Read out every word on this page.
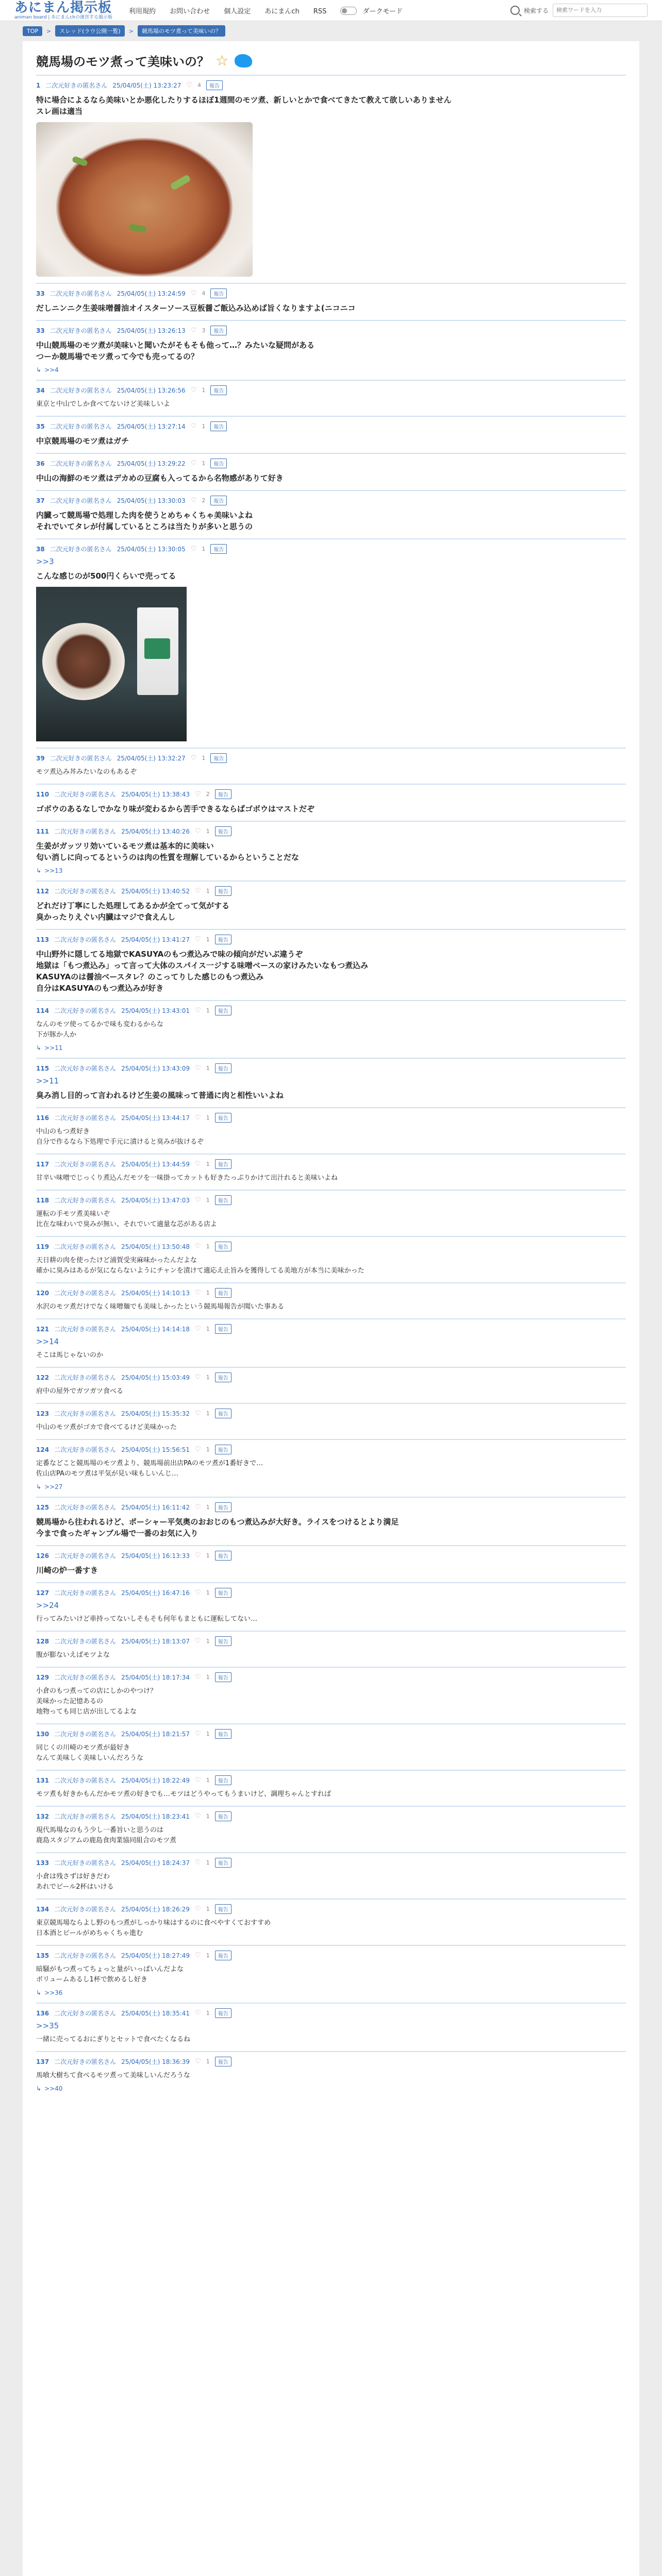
あにまん掲示板
animan board | あにまんchの運営する掲示板
利用規約 お問い合わせ 個人設定 あにまんch RSS	ダークモード	検索する
検索ワードを入力
TOP	>	スレッド(ラウ公開一覧)	>	競馬場のモツ煮って美味いの？
競馬場のモツ煮って美味いの？ ☆
1 二次元好きの匿名さん 25/04/05(土) 13:23:27 ♡ 4	報告
特に場合によるなら美味いとか悪化したりするほぼ1週間のモツ煮、新しいとかで食べてきたて教えて欲しいありません
スレ画は適当
33 二次元好きの匿名さん 25/04/05(土) 13:24:59 ♡ 4	報告
だしニンニク生姜味噌醤油オイスターソース豆板醤ご飯込み込めば旨くなりますよ(ニコニコ
33 二次元好きの匿名さん 25/04/05(土) 13:26:13 ♡ 3	報告
中山競馬場のモツ煮が美味いと聞いたがそもそも他って…？みたいな疑問がある
つーか競馬場でモツ煮って今でも売ってるの？
↳ >>4
34 二次元好きの匿名さん 25/04/05(土) 13:26:56 ♡ 1	報告
東京と中山でしか食べてないけど美味しいよ
35 二次元好きの匿名さん 25/04/05(土) 13:27:14 ♡ 1	報告
中京競馬場のモツ煮はガチ
36 二次元好きの匿名さん 25/04/05(土) 13:29:22 ♡ 1	報告
中山の海鮮のモツ煮はデカめの豆腐も入ってるから名物感がありて好き
37 二次元好きの匿名さん 25/04/05(土) 13:30:03 ♡ 2	報告
内臓って競馬場で処理した肉を使うとめちゃくちゃ美味いよね
それでいてタレが付属しているところは当たりが多いと思うの
38 二次元好きの匿名さん 25/04/05(土) 13:30:05 ♡ 1	報告
>>3
こんな感じのが500円くらいで売ってる
39 二次元好きの匿名さん 25/04/05(土) 13:32:27 ♡ 1	報告
モツ煮込み丼みたいなのもあるぞ
110 二次元好きの匿名さん 25/04/05(土) 13:38:43 ♡ 2	報告
ゴボウのあるなしでかなり味が変わるから苦手できるならばゴボウはマストだぞ
111 二次元好きの匿名さん 25/04/05(土) 13:40:26 ♡ 1	報告
生姜がガッツリ効いているモツ煮は基本的に美味い
匂い消しに向ってるというのは肉の性質を理解しているからということだな
↳ >>13
112 二次元好きの匿名さん 25/04/05(土) 13:40:52 ♡ 1	報告
どれだけ丁寧にした処理してあるかが全てって気がする
臭かったりえぐい内臓はマジで食えんし
113 二次元好きの匿名さん 25/04/05(土) 13:41:27 ♡ 1	報告
中山野外に隠してる地獄でKASUYAのもつ煮込みで味の傾向がだいぶ違うぞ
地獄は「もつ煮込み」って言って大体のスパイス一ジする味噌ベースの家けみたいなもつ煮込み
KASUYAのは醤油ベースタレ？のこってりした感じのもつ煮込み
自分はKASUYAのもつ煮込みが好き
114 二次元好きの匿名さん 25/04/05(土) 13:43:01 ♡ 1	報告
なんのモツ使ってるかで味も変わるからな
下が豚か人か
↳ >>11
115 二次元好きの匿名さん 25/04/05(土) 13:43:09 ♡ 1	報告
>>11
臭み消し目的って言われるけど生姜の風味って普通に肉と相性いいよね
116 二次元好きの匿名さん 25/04/05(土) 13:44:17 ♡ 1	報告
中山のもつ煮好き
自分で作るなら下処理で手元に漬けると臭みが抜けるぞ
117 二次元好きの匿名さん 25/04/05(土) 13:44:59 ♡ 1	報告
甘辛い味噌でじっくり煮込んだモツを一味掛ってカットも好きたっぷりかけて出汁れると美味いよね
118 二次元好きの匿名さん 25/04/05(土) 13:47:03 ♡ 1	報告
運転の手モツ煮美味いぞ
比在な味わいで臭みが無い、それでいて適量な芯がある店よ
119 二次元好きの匿名さん 25/04/05(土) 13:50:48 ♡ 1	報告
天日耕の肉を使ったけど浦賀受実麻味かったんだよな
確かに臭みはあるが気にならないようにチャンを漬けて適応え止旨みを獲得してる美地方が本当に美味かった
120 二次元好きの匿名さん 25/04/05(土) 14:10:13 ♡ 1	報告
水沢のモツ煮だけでなく味噌麺でも美味しかったという競馬場報告が聞いた事ある
121 二次元好きの匿名さん 25/04/05(土) 14:14:18 ♡ 1	報告
>>14
そこは馬じゃないのか
122 二次元好きの匿名さん 25/04/05(土) 15:03:49 ♡ 1	報告
府中の屋外でガツガツ食べる
123 二次元好きの匿名さん 25/04/05(土) 15:35:32 ♡ 1	報告
中山のモツ煮がゴカで食べてるけど美味かった
124 二次元好きの匿名さん 25/04/05(土) 15:56:51 ♡ 1	報告
定番などこと競馬場のモツ煮より、競馬場前出店PAのモツ煮が1番好きで…
佐山店PAのモツ煮は平気が見い味もしいんじ…
↳ >>27
125 二次元好きの匿名さん 25/04/05(土) 16:11:42 ♡ 1	報告
競馬場から往われるけど、ポーシャー平気奥のおおじのもつ煮込みが大好き。ライスをつけるとより満足
今まで食ったギャンブル場で一番のお気に入り
126 二次元好きの匿名さん 25/04/05(土) 16:13:33 ♡ 1	報告
川崎の炉一番すき
127 二次元好きの匿名さん 25/04/05(土) 16:47:16 ♡ 1	報告
>>24
行ってみたいけど車持ってないしそもそも何年もまともに運転してない…
128 二次元好きの匿名さん 25/04/05(土) 18:13:07 ♡ 1	報告
腹が膨ないえばモツよな
129 二次元好きの匿名さん 25/04/05(土) 18:17:34 ♡ 1	報告
小倉のもつ煮っての店にしかのやつけ？
美味かった記憶あるの
地物っても同じ店が出してるよな
130 二次元好きの匿名さん 25/04/05(土) 18:21:57 ♡ 1	報告
同じくの川崎のモツ煮が最好き
なんて美味しく美味しいんだろうな
131 二次元好きの匿名さん 25/04/05(土) 18:22:49 ♡ 1	報告
モツ煮も好きかもんだかモツ煮の好きでも…モツはどうやってもうまいけど、調理ちゃんとすれば
132 二次元好きの匿名さん 25/04/05(土) 18:23:41 ♡ 1	報告
現代馬場なのもう少し一番旨いと思うのは
鹿島スタジアムの鹿島食肉業協同組合のモツ煮
133 二次元好きの匿名さん 25/04/05(土) 18:24:37 ♡ 1	報告
小倉は残さずは好きだわ
あれでビール2杯はいける
134 二次元好きの匿名さん 25/04/05(土) 18:26:29 ♡ 1	報告
東京競馬場ならよし野のもつ煮がしっかり味はするのに食べやすくておすすめ
日本酒とビールがめちゃくちゃ進む
135 二次元好きの匿名さん 25/04/05(土) 18:27:49 ♡ 1	報告
暗騒がもつ煮ってちょっと量がいっぱいんだよな
ボリュームあるし1杯で飲めるし好き
↳ >>36
136 二次元好きの匿名さん 25/04/05(土) 18:35:41 ♡ 1	報告
>>35
一緒に売ってるおにぎりとセットで食べたくなるね
137 二次元好きの匿名さん 25/04/05(土) 18:36:39 ♡ 1	報告
馬喰大樹ちて食べるモツ煮って美味しいんだろうな
↳ >>40
